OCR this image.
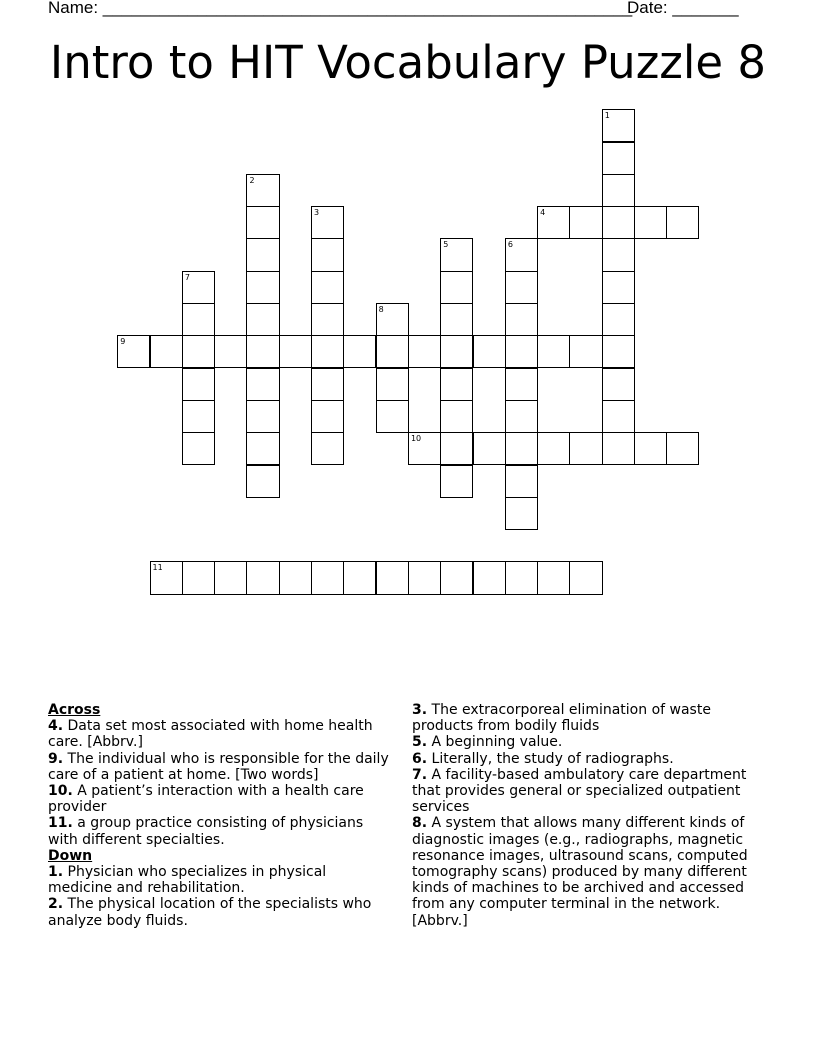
Name: ________________________________________________________
Date: _______
Intro to HIT Vocabulary Puzzle 8
1
2
3	4
5	6
7
8
9
10
11
Across
4. Data set most associated with home health care. [Abbrv.]
9. The individual who is responsible for the daily care of a patient at home. [Two words]
10. A patient’s interaction with a health care provider
11. a group practice consisting of physicians with different specialties.
Down
1. Physician who specializes in physical medicine and rehabilitation.
2. The physical location of the specialists who analyze body fluids.
3. The extracorporeal elimination of waste products from bodily fluids
5. A beginning value.
6. Literally, the study of radiographs.
7. A facility-based ambulatory care department that provides general or specialized outpatient services
8. A system that allows many different kinds of diagnostic images (e.g., radiographs, magnetic resonance images, ultrasound scans, computed tomography scans) produced by many different kinds of machines to be archived and accessed from any computer terminal in the network. [Abbrv.]
